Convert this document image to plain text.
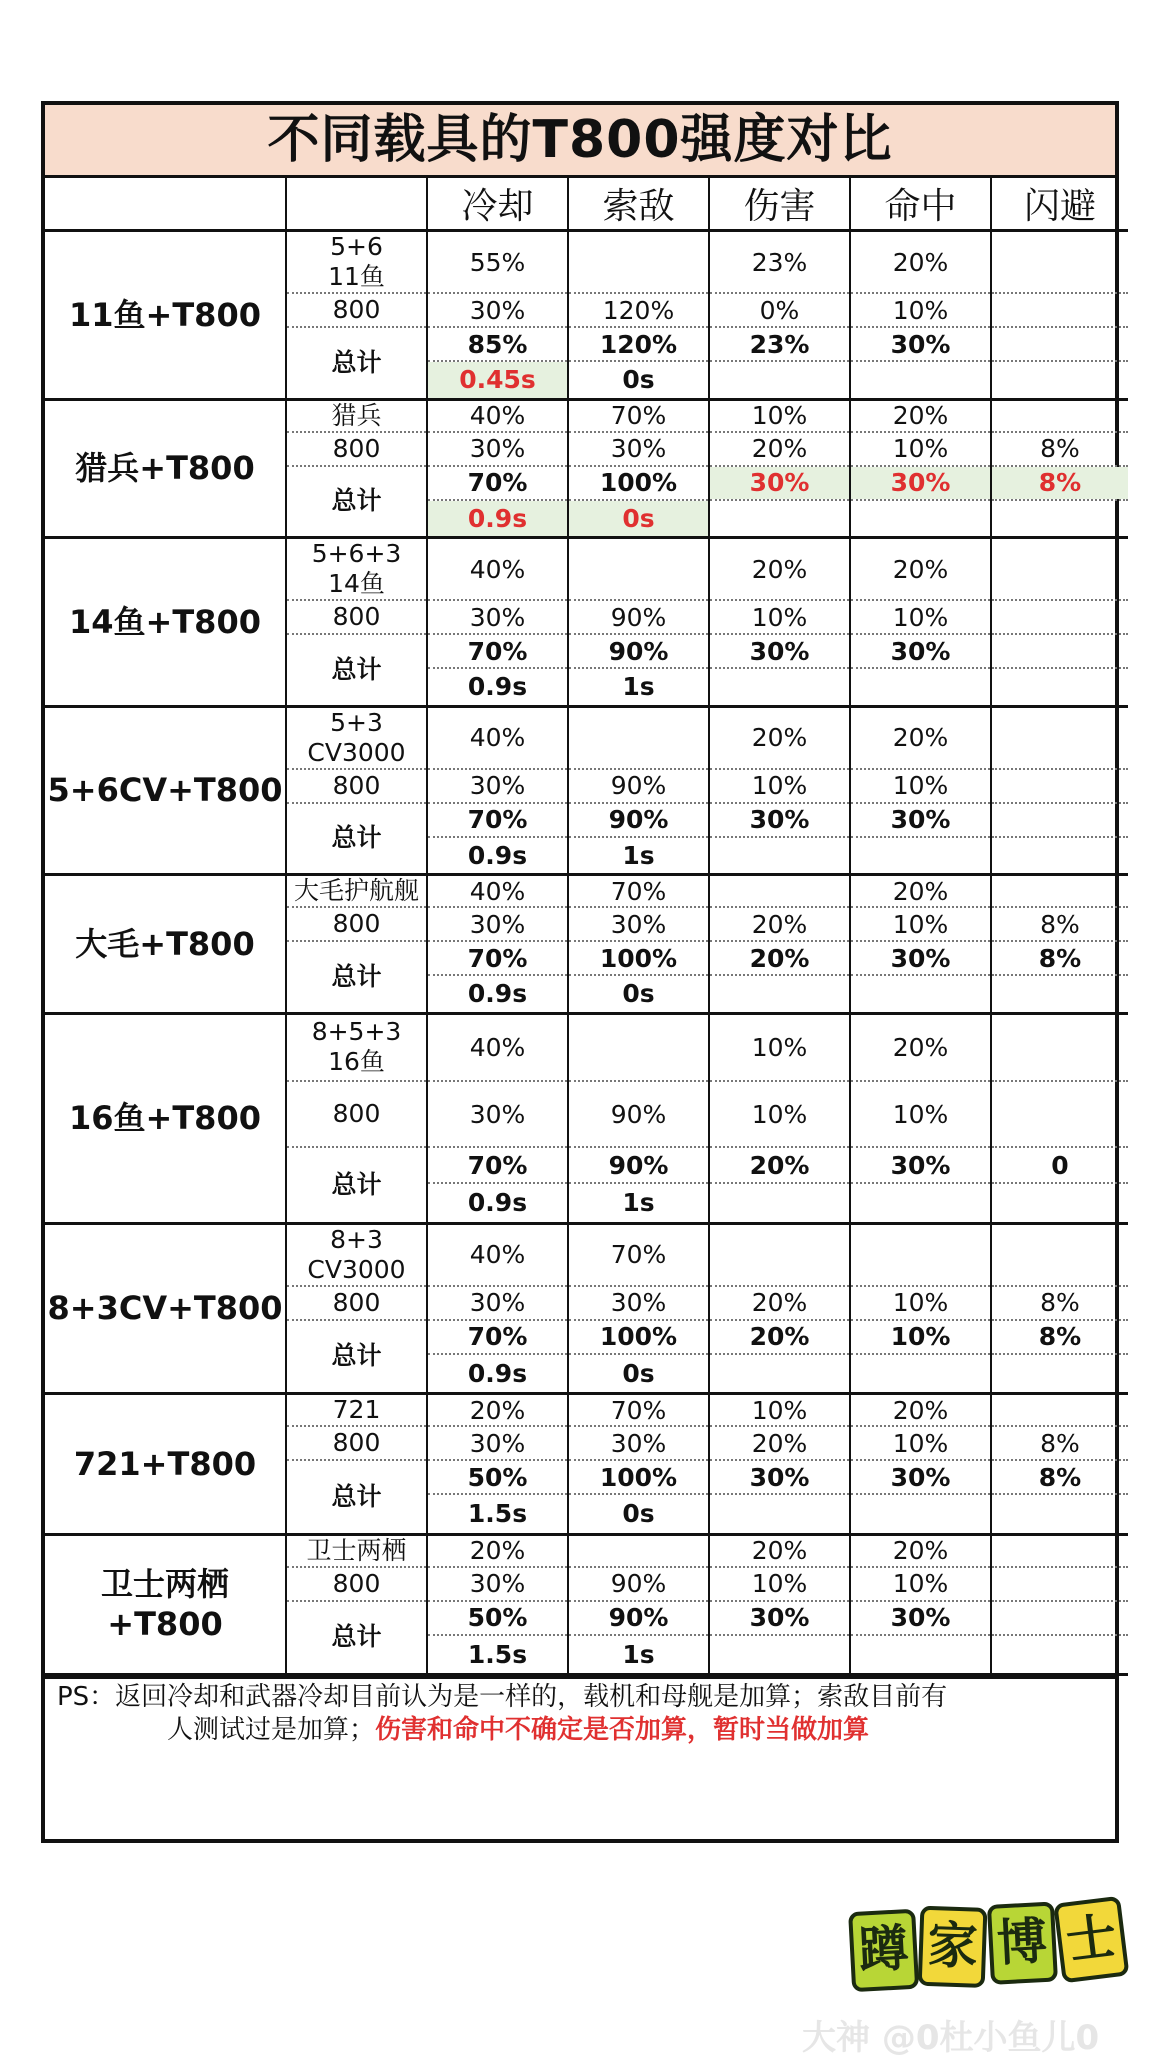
不同载具的T800强度对比
		冷却	索敌	伤害	命中	闪避
11鱼+T800	5+6
11鱼	55%		23%	20%	
	800	30%	120%	0%	10%	
	总计	85%	120%	23%	30%	
		0.45s	0s			
猎兵+T800	猎兵	40%	70%	10%	20%	
	800	30%	30%	20%	10%	8%
	总计	70%	100%	30%	30%	8%
		0.9s	0s			
14鱼+T800	5+6+3
14鱼	40%		20%	20%	
	800	30%	90%	10%	10%	
	总计	70%	90%	30%	30%	
		0.9s	1s			
5+6CV+T800	5+3
CV3000	40%		20%	20%	
	800	30%	90%	10%	10%	
	总计	70%	90%	30%	30%	
		0.9s	1s			
大毛+T800	大毛护航舰	40%	70%		20%	
	800	30%	30%	20%	10%	8%
	总计	70%	100%	20%	30%	8%
		0.9s	0s			
16鱼+T800	8+5+3
16鱼	40%		10%	20%	
	800	30%	90%	10%	10%	
	总计	70%	90%	20%	30%	0
		0.9s	1s			
8+3CV+T800	8+3
CV3000	40%	70%			
	800	30%	30%	20%	10%	8%
	总计	70%	100%	20%	10%	8%
		0.9s	0s			
721+T800	721	20%	70%	10%	20%	
	800	30%	30%	20%	10%	8%
	总计	50%	100%	30%	30%	8%
		1.5s	0s			
卫士两栖
+T800	卫士两栖	20%		20%	20%	
	800	30%	90%	10%	10%	
	总计	50%	90%	30%	30%	
		1.5s	1s			
PS：返回冷却和武器冷却目前认为是一样的，载机和母舰是加算；索敌目前有
人测试过是加算；伤害和命中不确定是否加算，暂时当做加算
蹲 家 博 士
大神 @0杜小鱼儿0
